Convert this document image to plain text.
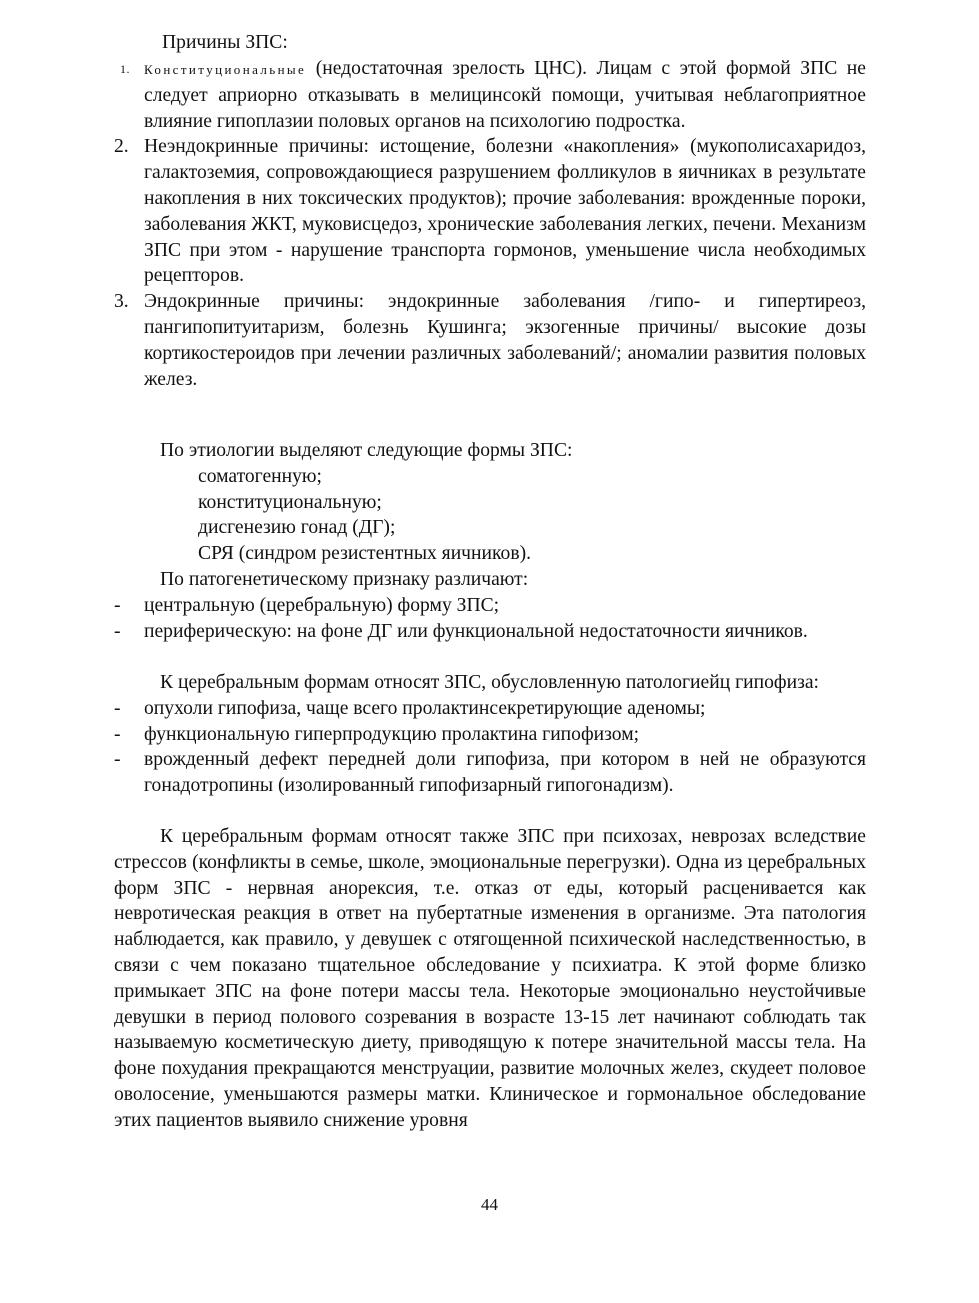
Причины ЗПС:
1. Конституциональные (недостаточная зрелость ЦНС). Лицам с этой формой ЗПС не следует априорно отказывать в мелицинсокй помощи, учитывая неблагоприятное влияние гипоплазии половых органов на психологию подростка.
2. Неэндокринные причины: истощение, болезни «накопления» (мукополисахаридоз, галактоземия, сопровождающиеся разрушением фолликулов в яичниках в результате накопления в них токсических продуктов); прочие заболевания: врожденные пороки, заболевания ЖКТ, муковисцедоз, хронические заболевания легких, печени. Механизм ЗПС при этом - нарушение транспорта гормонов, уменьшение числа необходимых рецепторов.
3. Эндокринные причины: эндокринные заболевания /гипо- и гипертиреоз, пангипопитуитаризм, болезнь Кушинга; экзогенные причины/ высокие дозы кортикостероидов при лечении различных заболеваний/; аномалии развития половых желез.
По этиологии выделяют следующие формы ЗПС:
соматогенную;
конституциональную;
дисгенезию гонад (ДГ);
СРЯ (синдром резистентных яичников).
По патогенетическому признаку различают:
- центральную (церебральную) форму ЗПС;
- периферическую: на фоне ДГ или функциональной недостаточности яичников.
К церебральным формам относят ЗПС, обусловленную патологиейц гипофиза:
- опухоли гипофиза, чаще всего пролактинсекретирующие аденомы;
- функциональную гиперпродукцию пролактина гипофизом;
- врожденный дефект передней доли гипофиза, при котором в ней не образуются гонадотропины (изолированный гипофизарный гипогонадизм).
К церебральным формам относят также ЗПС при психозах, неврозах вследствие стрессов (конфликты в семье, школе, эмоциональные перегрузки). Одна из церебральных форм ЗПС - нервная анорексия, т.е. отказ от еды, который расценивается как невротическая реакция в ответ на пубертатные изменения в организме. Эта патология наблюдается, как правило, у девушек с отягощенной психической наследственностью, в связи с чем показано тщательное обследование у психиатра. К этой форме близко примыкает ЗПС на фоне потери массы тела. Некоторые эмоционально неустойчивые девушки в период полового созревания в возрасте 13-15 лет начинают соблюдать так называемую косметическую диету, приводящую к потере значительной массы тела. На фоне похудания прекращаются менструации, развитие молочных желез, скудеет половое оволосение, уменьшаются размеры матки. Клиническое и гормональное обследование этих пациентов выявило снижение уровня
44
